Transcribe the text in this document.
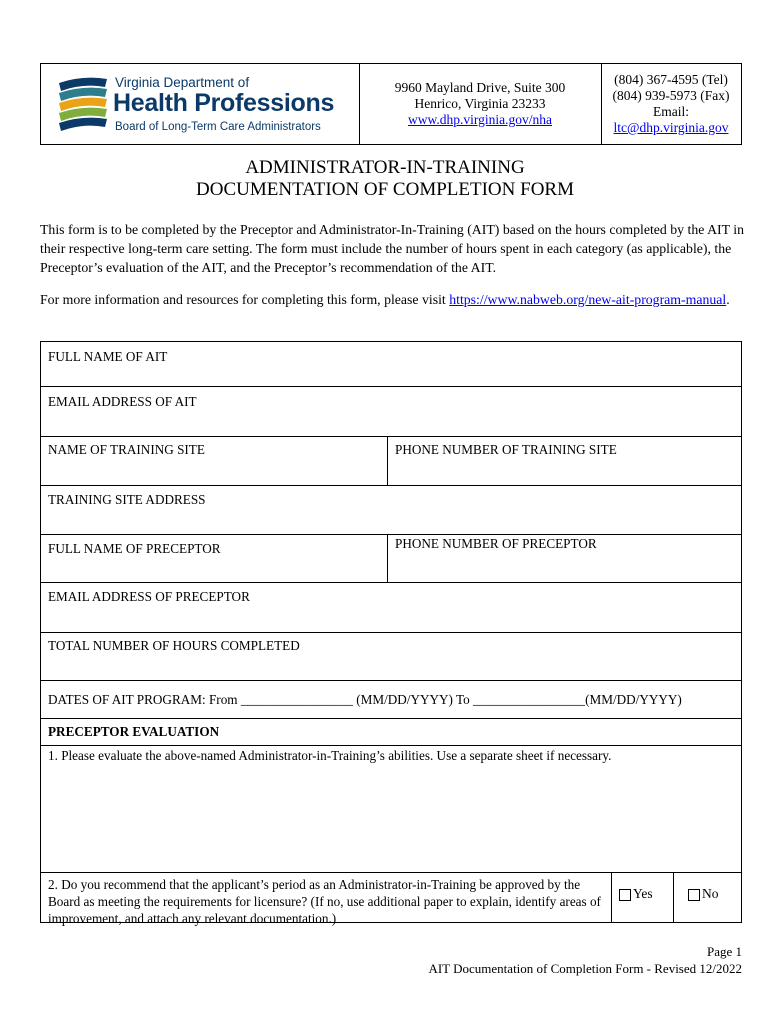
Virginia Department of
Health Professions
Board of Long-Term Care Administrators
9960 Mayland Drive, Suite 300
Henrico, Virginia 23233
www.dhp.virginia.gov/nha
(804) 367-4595 (Tel)
(804) 939-5973 (Fax)
Email:
ltc@dhp.virginia.gov
ADMINISTRATOR-IN-TRAINING
DOCUMENTATION OF COMPLETION FORM
This form is to be completed by the Preceptor and Administrator-In-Training (AIT) based on the hours completed by the AIT in their respective long-term care setting. The form must include the number of hours spent in each category (as applicable), the Preceptor’s evaluation of the AIT, and the Preceptor’s recommendation of the AIT.
For more information and resources for completing this form, please visit https://www.nabweb.org/new-ait-program-manual.
FULL NAME OF AIT
EMAIL ADDRESS OF AIT
NAME OF TRAINING SITE	PHONE NUMBER OF TRAINING SITE
TRAINING SITE ADDRESS
FULL NAME OF PRECEPTOR	PHONE NUMBER OF PRECEPTOR
EMAIL ADDRESS OF PRECEPTOR
TOTAL NUMBER OF HOURS COMPLETED
DATES OF AIT PROGRAM: From _________________ (MM/DD/YYYY) To _________________(MM/DD/YYYY)
PRECEPTOR EVALUATION
1. Please evaluate the above-named Administrator-in-Training’s abilities. Use a separate sheet if necessary.
2. Do you recommend that the applicant’s period as an Administrator-in-Training be approved by the Board as meeting the requirements for licensure? (If no, use additional paper to explain, identify areas of improvement, and attach any relevant documentation.)
Yes	No
Page 1
AIT Documentation of Completion Form - Revised 12/2022
